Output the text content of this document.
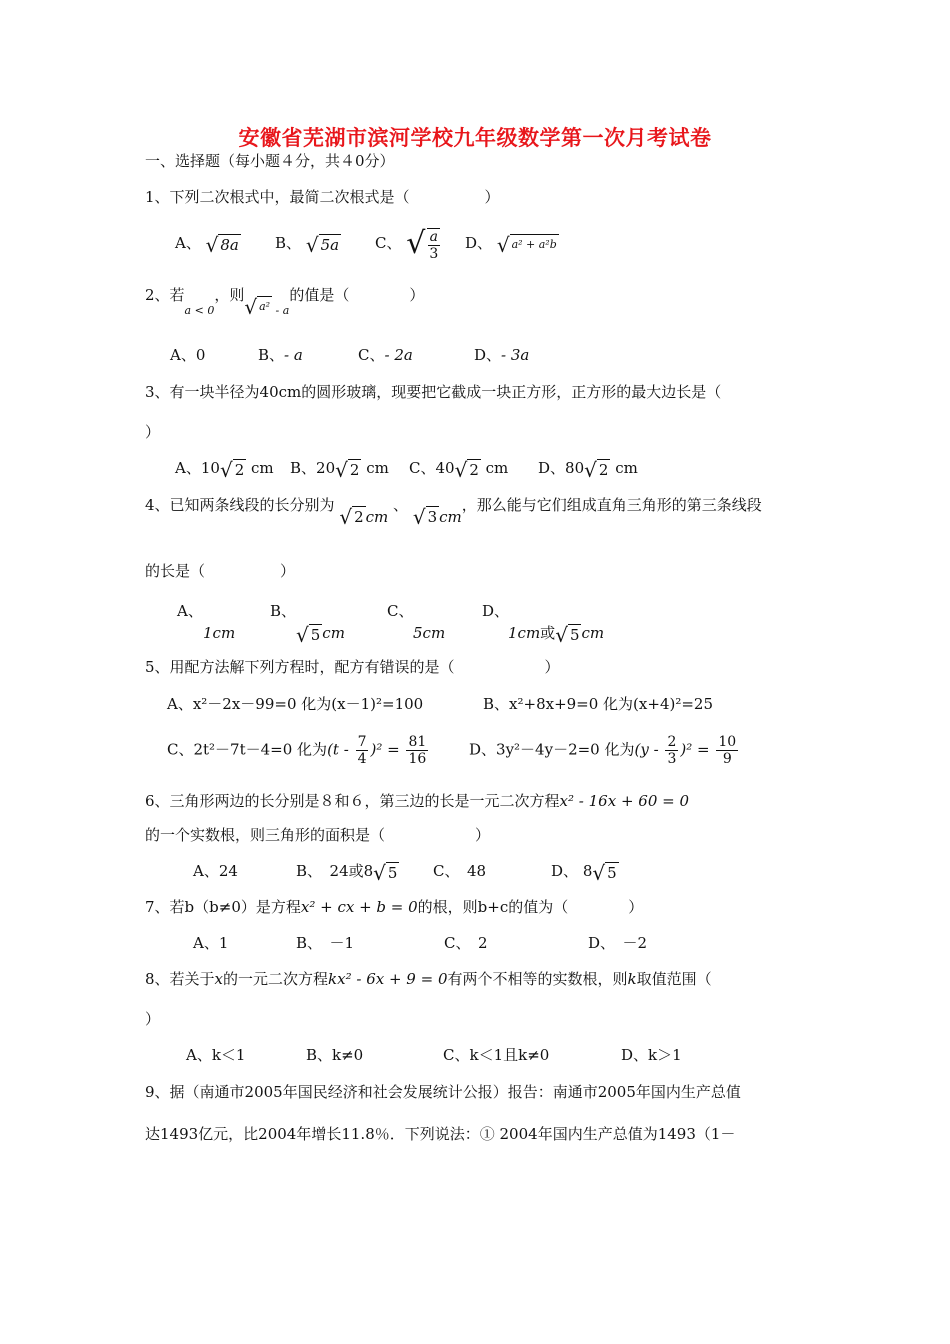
安徽省芜湖市滨河学校九年级数学第一次月考试卷
一、选择题（每小题４分，共４0分）
1、下列二次根式中，最简二次根式是（　　　　　）
A、 √ 8a B、 √ 5a C、 √ $\frac{a}{3}$ D、 √ a² + a²b
2、若$_{a < 0}$，则 √ a² $_{- a}$的值是（　　　　）
A、0	B、- a	C、- 2a	D、- 3a
3、有一块半径为40cm的圆形玻璃，现要把它截成一块正方形，正方形的最大边长是（
）
A、10 √ 2 cm B、20 √ 2 cm C、40 √ 2 cm D、80 √ 2 cm
4、已知两条线段的长分别为 √ 2 cm 、 √ 3 cm，那么能与它们组成直角三角形的第三条线段
的长是（　　　　　）
A、
1cm
B、

√ 5 cm
C、
5cm
D、
1cm或 √ 5 cm
5、用配方法解下列方程时，配方有错误的是（　　　　　　）
A、x²－2x－99=0 化为(x－1)²=100	B、x²+8x+9=0 化为(x+4)²=25
C、2t²－7t－4=0 化为$(t - \frac{7}{4} )^2 = \frac{81}{16}$	D、3y²－4y－2=0 化为$(y - \frac{2}{3} )^2 = \frac{10}{9}$
6、三角形两边的长分别是８和６，第三边的长是一元二次方程x² - 16x + 60 = 0
的一个实数根，则三角形的面积是（　　　　　　）
A、24	B、　24或8 √ 5 C、　48	D、 8 √ 5
7、若b（b≠0）是方程x² + cx + b = 0的根，则b+c的值为（　　　　）
A、1	B、　－1	C、　2	D、　－2
8、若关于x的一元二次方程kx² - 6x + 9 = 0有两个不相等的实数根，则k取值范围（
）
A、k＜1	B、k≠0	C、k＜1且k≠0	D、k＞1
9、据（南通市2005年国民经济和社会发展统计公报）报告：南通市2005年国内生产总值
达1493亿元，比2004年增长11.8％．下列说法：① 2004年国内生产总值为1493（1－
